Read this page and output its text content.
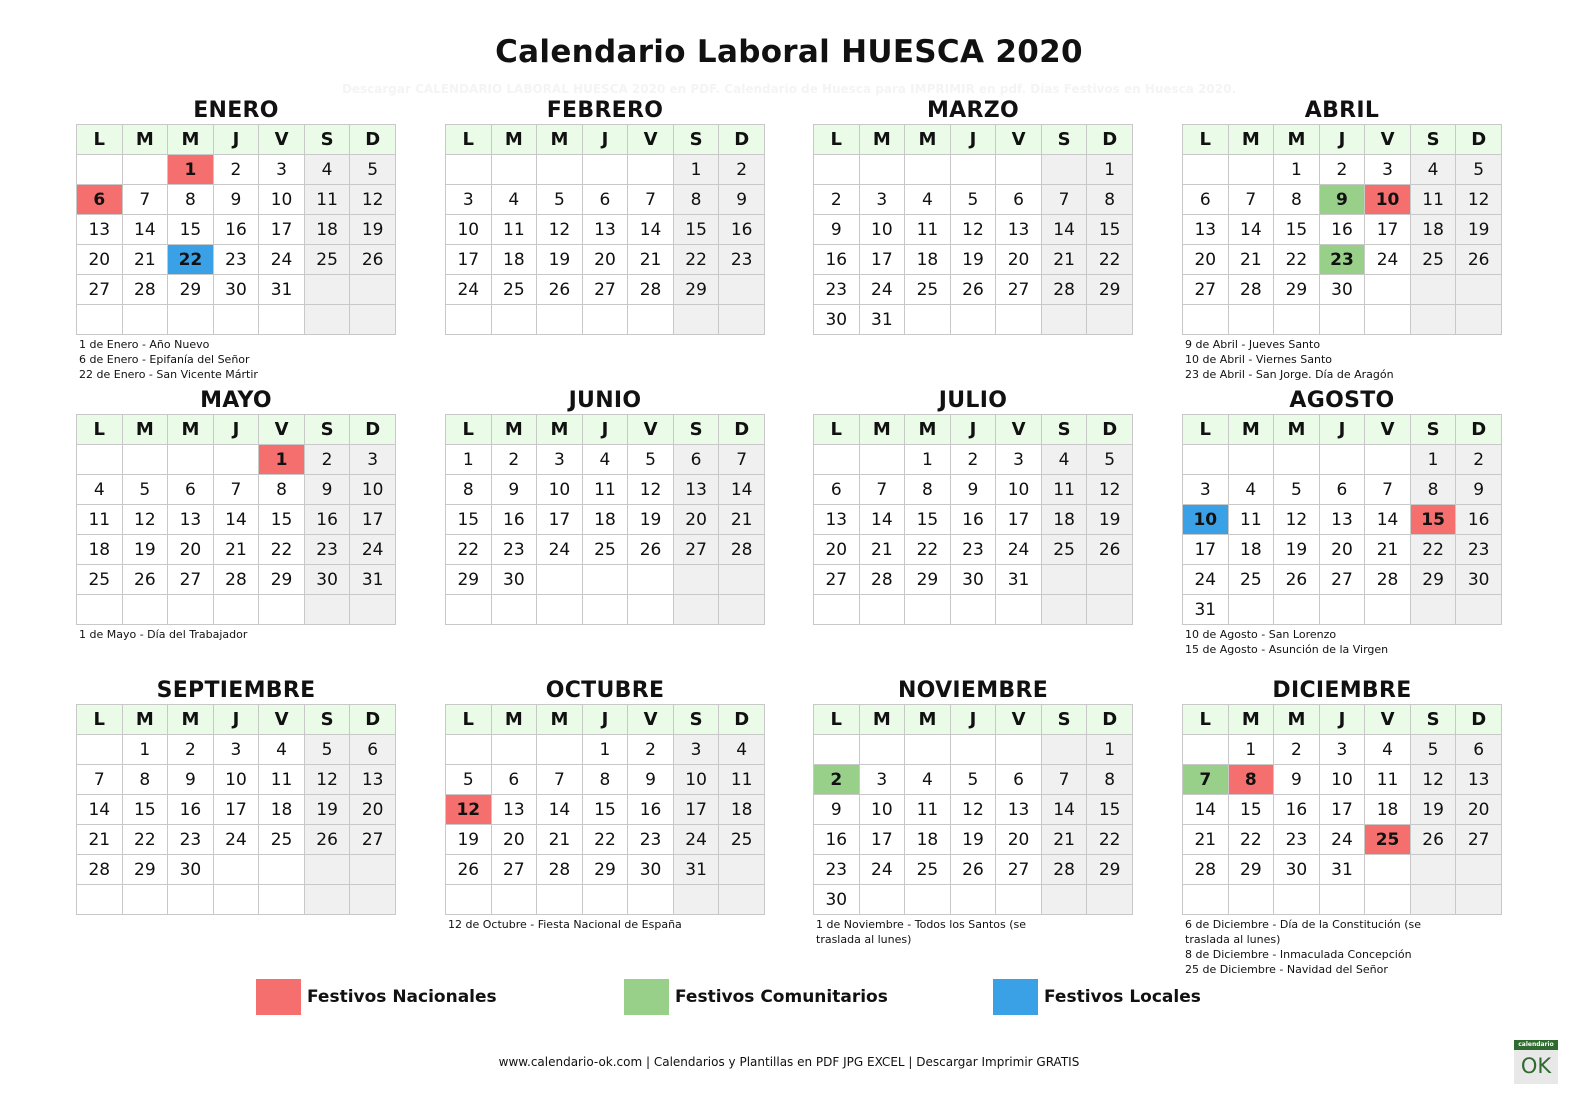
Calendario Laboral HUESCA 2020
Descargar CALENDARIO LABORAL HUESCA 2020 en PDF. Calendario de Huesca para IMPRIMIR en pdf. Días Festivos en Huesca 2020.
ENERO
L	M	M	J	V	S	D
		1	2	3	4	5
6	7	8	9	10	11	12
13	14	15	16	17	18	19
20	21	22	23	24	25	26
27	28	29	30	31		

1 de Enero - Año Nuevo
6 de Enero - Epifanía del Señor
22 de Enero - San Vicente Mártir
FEBRERO
L	M	M	J	V	S	D
					1	2
3	4	5	6	7	8	9
10	11	12	13	14	15	16
17	18	19	20	21	22	23
24	25	26	27	28	29	

MARZO
L	M	M	J	V	S	D
						1
2	3	4	5	6	7	8
9	10	11	12	13	14	15
16	17	18	19	20	21	22
23	24	25	26	27	28	29
30	31					
ABRIL
L	M	M	J	V	S	D
		1	2	3	4	5
6	7	8	9	10	11	12
13	14	15	16	17	18	19
20	21	22	23	24	25	26
27	28	29	30			

9 de Abril - Jueves Santo
10 de Abril - Viernes Santo
23 de Abril - San Jorge. Día de Aragón
MAYO
L	M	M	J	V	S	D
				1	2	3
4	5	6	7	8	9	10
11	12	13	14	15	16	17
18	19	20	21	22	23	24
25	26	27	28	29	30	31

1 de Mayo - Día del Trabajador
JUNIO
L	M	M	J	V	S	D
1	2	3	4	5	6	7
8	9	10	11	12	13	14
15	16	17	18	19	20	21
22	23	24	25	26	27	28
29	30					

JULIO
L	M	M	J	V	S	D
		1	2	3	4	5
6	7	8	9	10	11	12
13	14	15	16	17	18	19
20	21	22	23	24	25	26
27	28	29	30	31		

AGOSTO
L	M	M	J	V	S	D
					1	2
3	4	5	6	7	8	9
10	11	12	13	14	15	16
17	18	19	20	21	22	23
24	25	26	27	28	29	30
31						
10 de Agosto - San Lorenzo
15 de Agosto - Asunción de la Virgen
SEPTIEMBRE
L	M	M	J	V	S	D
	1	2	3	4	5	6
7	8	9	10	11	12	13
14	15	16	17	18	19	20
21	22	23	24	25	26	27
28	29	30				

OCTUBRE
L	M	M	J	V	S	D
			1	2	3	4
5	6	7	8	9	10	11
12	13	14	15	16	17	18
19	20	21	22	23	24	25
26	27	28	29	30	31	

12 de Octubre - Fiesta Nacional de España
NOVIEMBRE
L	M	M	J	V	S	D
						1
2	3	4	5	6	7	8
9	10	11	12	13	14	15
16	17	18	19	20	21	22
23	24	25	26	27	28	29
30						
1 de Noviembre - Todos los Santos (se
traslada al lunes)
DICIEMBRE
L	M	M	J	V	S	D
	1	2	3	4	5	6
7	8	9	10	11	12	13
14	15	16	17	18	19	20
21	22	23	24	25	26	27
28	29	30	31			

6 de Diciembre - Día de la Constitución (se
traslada al lunes)
8 de Diciembre - Inmaculada Concepción
25 de Diciembre - Navidad del Señor
Festivos Nacionales	Festivos Comunitarios	Festivos Locales
www.calendario-ok.com | Calendarios y Plantillas en PDF JPG EXCEL | Descargar Imprimir GRATIS
calendario
OK
